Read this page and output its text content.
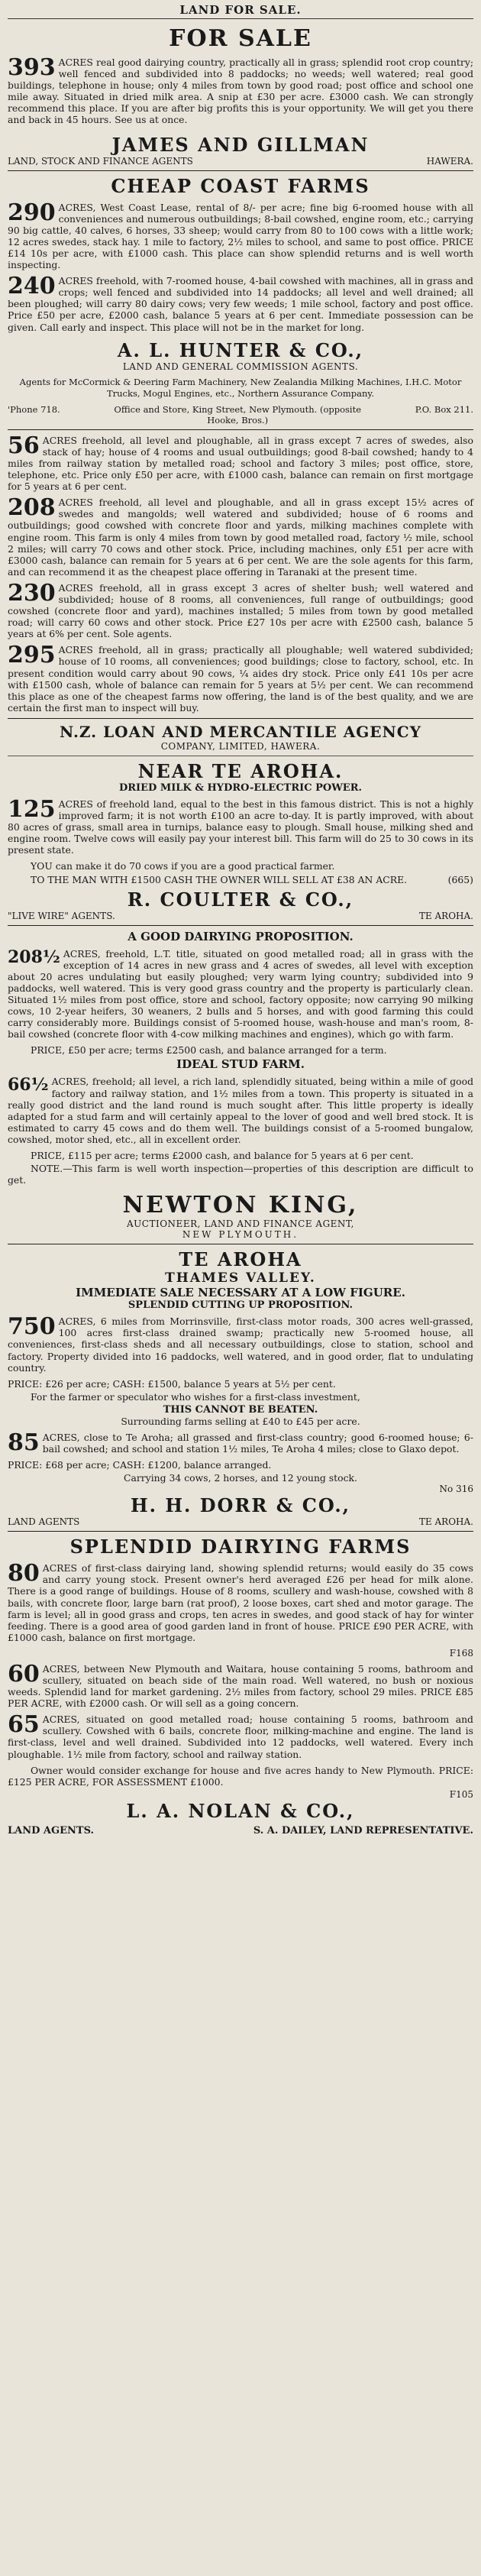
LAND FOR SALE.
FOR SALE
393 ACRES real good dairying country, practically all in grass; splendid root crop country; well fenced and subdivided into 8 paddocks; no weeds; well watered; real good buildings, telephone in house; only 4 miles from town by good road; post office and school one mile away. Situated in dried milk area. A snip at £30 per acre. £3000 cash. We can strongly recommend this place. If you are after big profits this is your opportunity. We will get you there and back in 45 hours. See us at once.
JAMES AND GILLMAN
LAND, STOCK AND FINANCE AGENTS	HAWERA.
CHEAP COAST FARMS
290 ACRES, West Coast Lease, rental of 8/- per acre; fine big 6-roomed house with all conveniences and numerous outbuildings; 8-bail cowshed, engine room, etc.; carrying 90 big cattle, 40 calves, 6 horses, 33 sheep; would carry from 80 to 100 cows with a little work; 12 acres swedes, stack hay. 1 mile to factory, 2½ miles to school, and same to post office. PRICE £14 10s per acre, with £1000 cash. This place can show splendid returns and is well worth inspecting.
240 ACRES freehold, with 7-roomed house, 4-bail cowshed with machines, all in grass and crops; well fenced and subdivided into 14 paddocks; all level and well drained; all been ploughed; will carry 80 dairy cows; very few weeds; 1 mile school, factory and post office. Price £50 per acre, £2000 cash, balance 5 years at 6 per cent. Immediate possession can be given. Call early and inspect. This place will not be in the market for long.
A. L. HUNTER & CO.,
LAND AND GENERAL COMMISSION AGENTS.
Agents for McCormick & Deering Farm Machinery, New Zealandia Milking Machines, I.H.C. Motor Trucks, Mogul Engines, etc., Northern Assurance Company.
'Phone 718.	Office and Store, King Street, New Plymouth. (opposite Hooke, Bros.)
P.O. Box 211.
56 ACRES freehold, all level and ploughable, all in grass except 7 acres of swedes, also stack of hay; house of 4 rooms and usual outbuildings; good 8-bail cowshed; handy to 4 miles from railway station by metalled road; school and factory 3 miles; post office, store, telephone, etc. Price only £50 per acre, with £1000 cash, balance can remain on first mortgage for 5 years at 6 per cent.
208 ACRES freehold, all level and ploughable, and all in grass except 15½ acres of swedes and mangolds; well watered and subdivided; house of 6 rooms and outbuildings; good cowshed with concrete floor and yards, milking machines complete with engine room. This farm is only 4 miles from town by good metalled road, factory ½ mile, school 2 miles; will carry 70 cows and other stock. Price, including machines, only £51 per acre with £3000 cash, balance can remain for 5 years at 6 per cent. We are the sole agents for this farm, and can recommend it as the cheapest place offering in Taranaki at the present time.
230 ACRES freehold, all in grass except 3 acres of shelter bush; well watered and subdivided; house of 8 rooms, all conveniences, full range of outbuildings; good cowshed (concrete floor and yard), machines installed; 5 miles from town by good metalled road; will carry 60 cows and other stock. Price £27 10s per acre with £2500 cash, balance 5 years at 6% per cent. Sole agents.
295 ACRES freehold, all in grass; practically all ploughable; well watered subdivided; house of 10 rooms, all conveniences; good buildings; close to factory, school, etc. In present condition would carry about 90 cows, ¼ aides dry stock. Price only £41 10s per acre with £1500 cash, whole of balance can remain for 5 years at 5½ per cent. We can recommend this place as one of the cheapest farms now offering, the land is of the best quality, and we are certain the first man to inspect will buy.
N.Z. LOAN AND MERCANTILE AGENCY
COMPANY, LIMITED, HAWERA.
NEAR TE AROHA.
DRIED MILK & HYDRO-ELECTRIC POWER.
125 ACRES of freehold land, equal to the best in this famous district. This is not a highly improved farm; it is not worth £100 an acre to-day. It is partly improved, with about 80 acres of grass, small area in turnips, balance easy to plough. Small house, milking shed and engine room. Twelve cows will easily pay your interest bill. This farm will do 25 to 30 cows in its present state.
YOU can make it do 70 cows if you are a good practical farmer.
TO THE MAN WITH £1500 CASH THE OWNER WILL SELL AT £38 AN ACRE.	(665)
R. COULTER & CO.,
"LIVE WIRE" AGENTS.	TE AROHA.
A GOOD DAIRYING PROPOSITION.
208½ ACRES, freehold, L.T. title, situated on good metalled road; all in grass with the exception of 14 acres in new grass and 4 acres of swedes, all level with exception about 20 acres undulating but easily ploughed; very warm lying country; subdivided into 9 paddocks, well watered. This is very good grass country and the property is particularly clean. Situated 1½ miles from post office, store and school, factory opposite; now carrying 90 milking cows, 10 2-year heifers, 30 weaners, 2 bulls and 5 horses, and with good farming this could carry considerably more. Buildings consist of 5-roomed house, wash-house and man's room, 8-bail cowshed (concrete floor with 4-cow milking machines and engines), which go with farm.
PRICE, £50 per acre; terms £2500 cash, and balance arranged for a term.
IDEAL STUD FARM.
66½ ACRES, freehold; all level, a rich land, splendidly situated, being within a mile of good factory and railway station, and 1½ miles from a town. This property is situated in a really good district and the land round is much sought after. This little property is ideally adapted for a stud farm and will certainly appeal to the lover of good and well bred stock. It is estimated to carry 45 cows and do them well. The buildings consist of a 5-roomed bungalow, cowshed, motor shed, etc., all in excellent order.
PRICE, £115 per acre; terms £2000 cash, and balance for 5 years at 6 per cent.
NOTE.—This farm is well worth inspection—properties of this description are difficult to get.
NEWTON KING,
AUCTIONEER, LAND AND FINANCE AGENT,
NEW PLYMOUTH.
TE AROHA
THAMES VALLEY.
IMMEDIATE SALE NECESSARY AT A LOW FIGURE.
SPLENDID CUTTING UP PROPOSITION.
750 ACRES, 6 miles from Morrinsville, first-class motor roads, 300 acres well-grassed, 100 acres first-class drained swamp; practically new 5-roomed house, all conveniences, first-class sheds and all necessary outbuildings, close to station, school and factory. Property divided into 16 paddocks, well watered, and in good order, flat to undulating country.
PRICE: £26 per acre; CASH: £1500, balance 5 years at 5½ per cent.
For the farmer or speculator who wishes for a first-class investment,
THIS CANNOT BE BEATEN.
Surrounding farms selling at £40 to £45 per acre.
85 ACRES, close to Te Aroha; all grassed and first-class country; good 6-roomed house; 6-bail cowshed; and school and station 1½ miles, Te Aroha 4 miles; close to Glaxo depot.
PRICE: £68 per acre; CASH: £1200, balance arranged.
Carrying 34 cows, 2 horses, and 12 young stock.
No 316
H. H. DORR & CO.,
LAND AGENTS	TE AROHA.
SPLENDID DAIRYING FARMS
80 ACRES of first-class dairying land, showing splendid returns; would easily do 35 cows and carry young stock. Present owner's herd averaged £26 per head for milk alone. There is a good range of buildings. House of 8 rooms, scullery and wash-house, cowshed with 8 bails, with concrete floor, large barn (rat proof), 2 loose boxes, cart shed and motor garage. The farm is level; all in good grass and crops, ten acres in swedes, and good stack of hay for winter feeding. There is a good area of good garden land in front of house. PRICE £90 PER ACRE, with £1000 cash, balance on first mortgage.
F168
60 ACRES, between New Plymouth and Waitara, house containing 5 rooms, bathroom and scullery, situated on beach side of the main road. Well watered, no bush or noxious weeds. Splendid land for market gardening. 2½ miles from factory, school 29 miles. PRICE £85 PER ACRE, with £2000 cash. Or will sell as a going concern.
65 ACRES, situated on good metalled road; house containing 5 rooms, bathroom and scullery. Cowshed with 6 bails, concrete floor, milking-machine and engine. The land is first-class, level and well drained. Subdivided into 12 paddocks, well watered. Every inch ploughable. 1½ mile from factory, school and railway station.
Owner would consider exchange for house and five acres handy to New Plymouth. PRICE: £125 PER ACRE, FOR ASSESSMENT £1000.
F105
L. A. NOLAN & CO.,
LAND AGENTS.	S. A. DAILEY, LAND REPRESENTATIVE.
